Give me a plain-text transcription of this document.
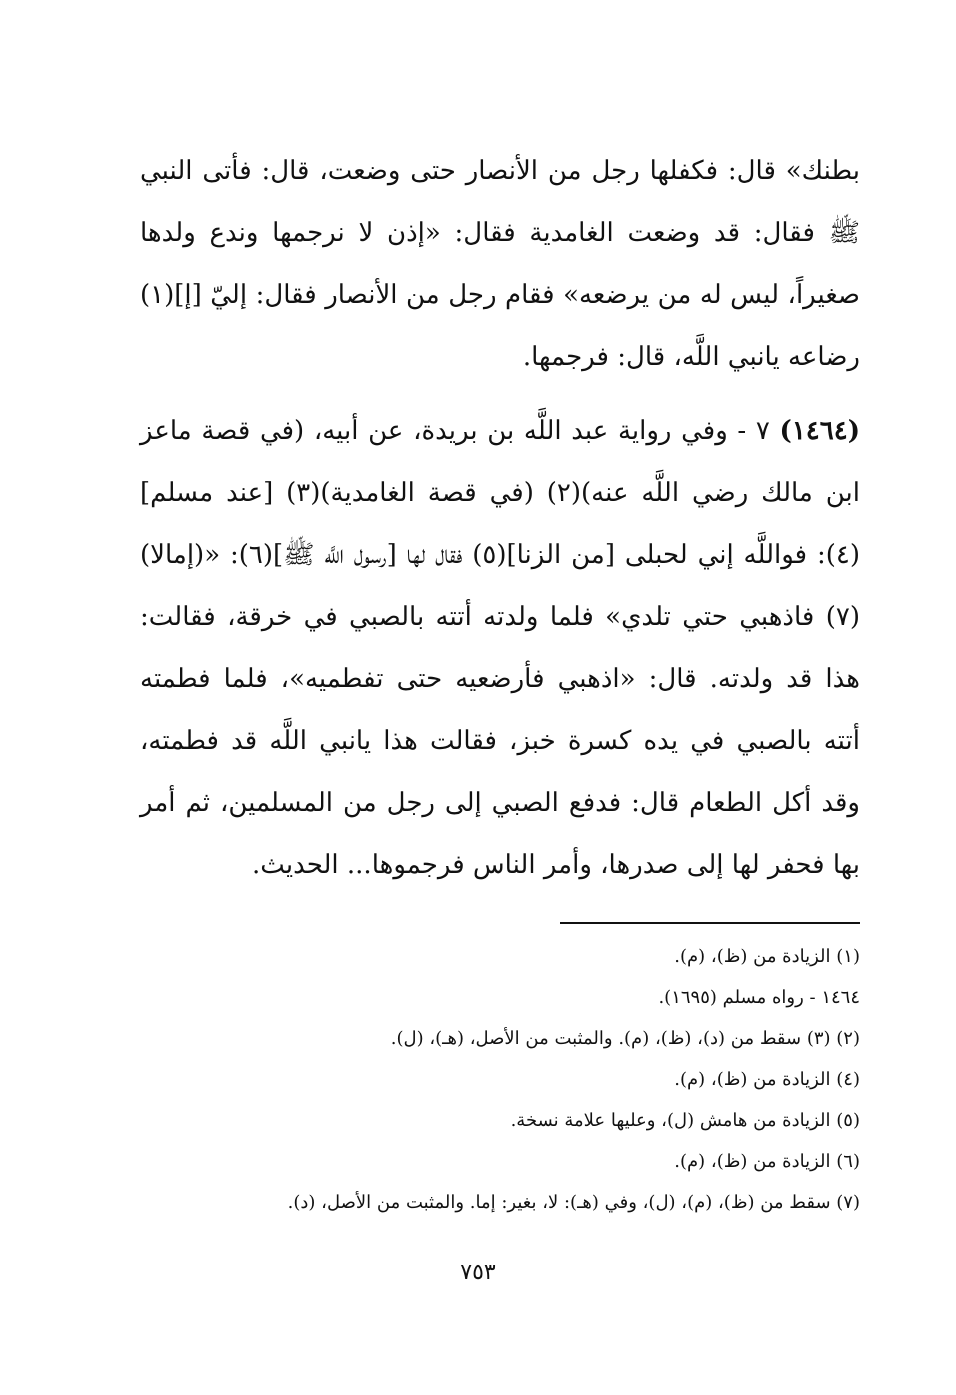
بطنك» قال: فكفلها رجل من الأنصار حتى وضعت، قال: فأتى النبي ﷺ فقال: قد وضعت الغامدية فقال: «إذن لا نرجمها وندع ولدها صغيراً، ليس له من يرضعه» فقام رجل من الأنصار فقال: إليّ [إ](١) رضاعه يانبي اللَّه، قال: فرجمها.

(١٤٦٤) ٧ - وفي رواية عبد اللَّه بن بريدة، عن أبيه، (في قصة ماعز ابن مالك رضي اللَّه عنه)(٢) (في قصة الغامدية)(٣) [عند مسلم](٤): فواللَّه إني لحبلى [من الزنا](٥) فقال لها [رسول اللَّه ﷺ](٦): «(إمالا)(٧) فاذهبي حتي تلدي» فلما ولدته أتته بالصبي في خرقة، فقالت: هذا قد ولدته. قال: «اذهبي فأرضعيه حتى تفطميه»، فلما فطمته أتته بالصبي في يده كسرة خبز، فقالت هذا يانبي اللَّه قد فطمته، وقد أكل الطعام قال: فدفع الصبي إلى رجل من المسلمين، ثم أمر بها فحفر لها إلى صدرها، وأمر الناس فرجموها... الحديث.

(١) الزيادة من (ظ)، (م).
١٤٦٤ - رواه مسلم (١٦٩٥).
(٢) (٣) سقط من (د)، (ظ)، (م). والمثبت من الأصل، (هـ)، (ل).
(٤) الزيادة من (ظ)، (م).
(٥) الزيادة من هامش (ل)، وعليها علامة نسخة.
(٦) الزيادة من (ظ)، (م).
(٧) سقط من (ظ)، (م)، (ل)، وفي (هـ): لا، بغير: إما. والمثبت من الأصل، (د).
٧٥٣
